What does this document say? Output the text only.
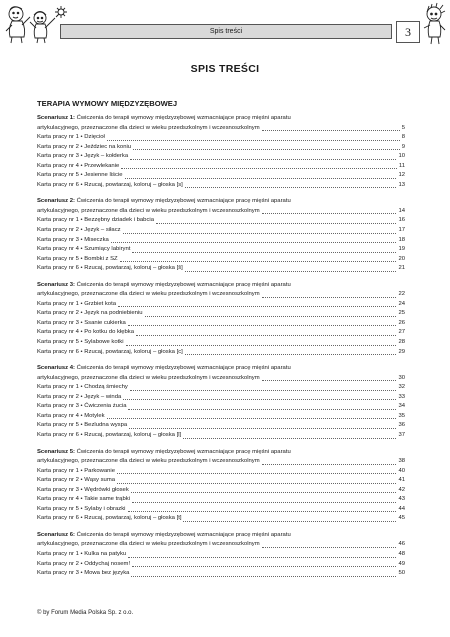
Spis treści	3
SPIS TREŚCI
TERAPIA WYMOWY MIĘDZYZĘBOWEJ
Scenariusz 1: Ćwiczenia do terapii wymowy międzyzębowej wzmacniające pracę mięśni aparatu
artykulacyjnego, przeznaczone dla dzieci w wieku przedszkolnym i wczesnoszkolnym	5
Karta pracy nr 1 • Dzięcioł	8
Karta pracy nr 2 • Jeździec na koniu	9
Karta pracy nr 3 • Język – kołderka	10
Karta pracy nr 4 • Przewlekanie	11
Karta pracy nr 5 • Jesienne liście	12
Karta pracy nr 6 • Rzucaj, powtarzaj, koloruj – głoska [s]	13
Scenariusz 2: Ćwiczenia do terapii wymowy międzyzębowej wzmacniające pracę mięśni aparatu
artykulacyjnego, przeznaczone dla dzieci w wieku przedszkolnym i wczesnoszkolnym	14
Karta pracy nr 1 • Bezzębny dziadek i babcia	16
Karta pracy nr 2 • Język – siłacz	17
Karta pracy nr 3 • Miseczka	18
Karta pracy nr 4 • Szumiący labirynt	19
Karta pracy nr 5 • Bombki z SZ	20
Karta pracy nr 6 • Rzucaj, powtarzaj, koloruj – głoska [š]	21
Scenariusz 3: Ćwiczenia do terapii wymowy międzyzębowej wzmacniające pracę mięśni aparatu
artykulacyjnego, przeznaczone dla dzieci w wieku przedszkolnym i wczesnoszkolnym	22
Karta pracy nr 1 • Grzbiet kota	24
Karta pracy nr 2 • Język na podniebieniu	25
Karta pracy nr 3 • Ssanie cukierka	26
Karta pracy nr 4 • Po kotku do kłębka	27
Karta pracy nr 5 • Sylabowe kotki	28
Karta pracy nr 6 • Rzucaj, powtarzaj, koloruj – głoska [c]	29
Scenariusz 4: Ćwiczenia do terapii wymowy międzyzębowej wzmacniające pracę mięśni aparatu
artykulacyjnego, przeznaczone dla dzieci w wieku przedszkolnym i wczesnoszkolnym	30
Karta pracy nr 1 • Chodzą śmiechy	32
Karta pracy nr 2 • Język – winda	33
Karta pracy nr 3 • Ćwiczenia żucia	34
Karta pracy nr 4 • Motylek	35
Karta pracy nr 5 • Bezludna wyspa	36
Karta pracy nr 6 • Rzucaj, powtarzaj, koloruj – głoska [l]	37
Scenariusz 5: Ćwiczenia do terapii wymowy międzyzębowej wzmacniające pracę mięśni aparatu
artykulacyjnego, przeznaczone dla dzieci w wieku przedszkolnym i wczesnoszkolnym	38
Karta pracy nr 1 • Parkowanie	40
Karta pracy nr 2 • Wąsy suma	41
Karta pracy nr 3 • Wędrówki głosek	42
Karta pracy nr 4 • Takie same trąbki	43
Karta pracy nr 5 • Sylaby i obrazki	44
Karta pracy nr 6 • Rzucaj, powtarzaj, koloruj – głoska [t]	45
Scenariusz 6: Ćwiczenia do terapii wymowy międzyzębowej wzmacniające pracę mięśni aparatu
artykulacyjnego, przeznaczone dla dzieci w wieku przedszkolnym i wczesnoszkolnym	46
Karta pracy nr 1 • Kulka na patyku	48
Karta pracy nr 2 • Oddychaj nosem!	49
Karta pracy nr 3 • Mowa bez języka	50
© by Forum Media Polska Sp. z o.o.
